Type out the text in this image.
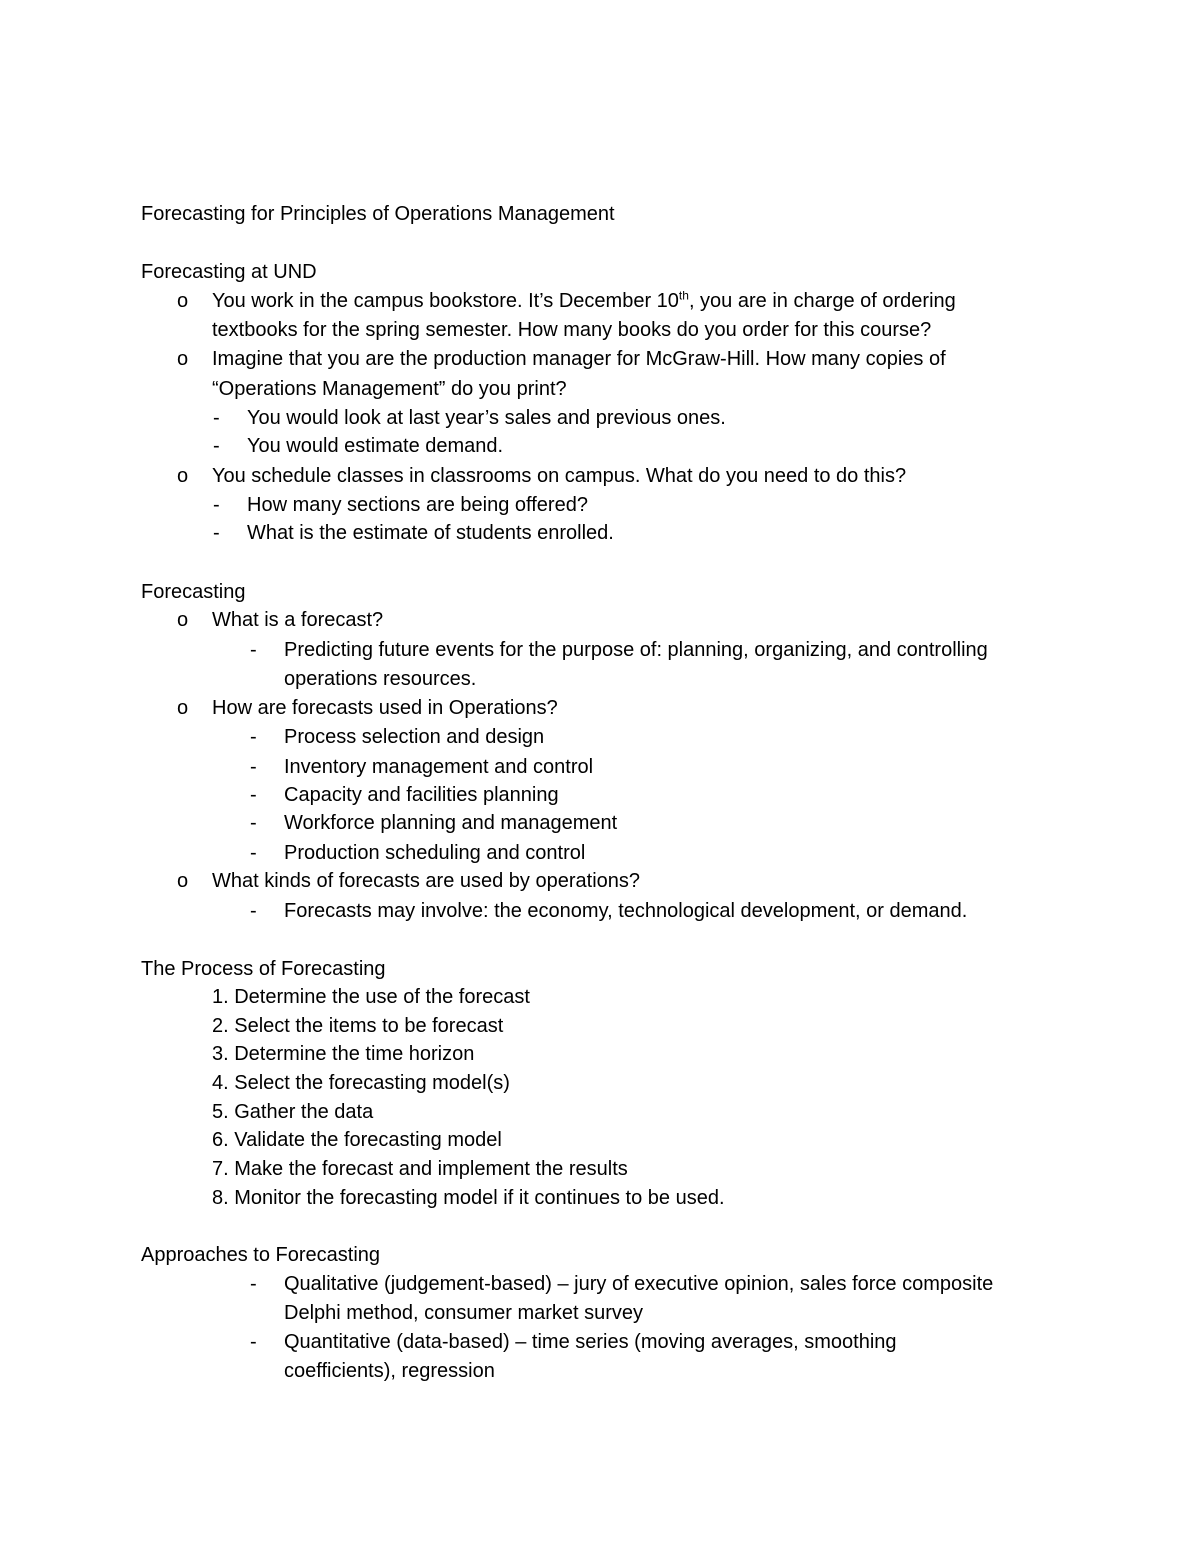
Forecasting for Principles of Operations Management
Forecasting at UND
o You work in the campus bookstore. It’s December 10th, you are in charge of ordering
textbooks for the spring semester. How many books do you order for this course?
o Imagine that you are the production manager for McGraw-Hill. How many copies of
“Operations Management” do you print?
- You would look at last year’s sales and previous ones.
- You would estimate demand.
o You schedule classes in classrooms on campus. What do you need to do this?
- How many sections are being offered?
- What is the estimate of students enrolled.
Forecasting
o What is a forecast?
- Predicting future events for the purpose of: planning, organizing, and controlling
operations resources.
o How are forecasts used in Operations?
- Process selection and design
- Inventory management and control
- Capacity and facilities planning
- Workforce planning and management
- Production scheduling and control
o What kinds of forecasts are used by operations?
- Forecasts may involve: the economy, technological development, or demand.
The Process of Forecasting
1. Determine the use of the forecast
2. Select the items to be forecast
3. Determine the time horizon
4. Select the forecasting model(s)
5. Gather the data
6. Validate the forecasting model
7. Make the forecast and implement the results
8. Monitor the forecasting model if it continues to be used.
Approaches to Forecasting
- Qualitative (judgement-based) – jury of executive opinion, sales force composite
Delphi method, consumer market survey
- Quantitative (data-based) – time series (moving averages, smoothing
coefficients), regression
